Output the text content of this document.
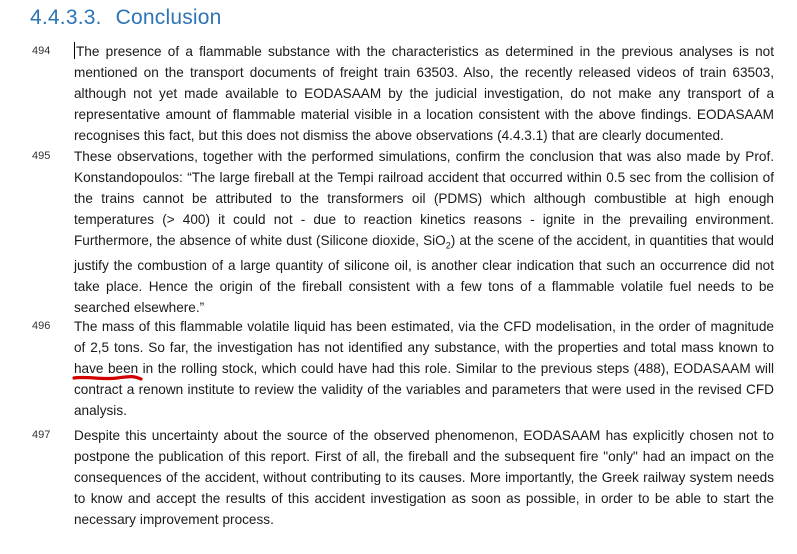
4.4.3.3. Conclusion
494 The presence of a flammable substance with the characteristics as determined in the previous analyses is not mentioned on the transport documents of freight train 63503. Also, the recently released videos of train 63503, although not yet made available to EODASAAM by the judicial investigation, do not make any transport of a representative amount of flammable material visible in a location consistent with the above findings. EODASAAM recognises this fact, but this does not dismiss the above observations (4.4.3.1) that are clearly documented.
495 These observations, together with the performed simulations, confirm the conclusion that was also made by Prof. Konstandopoulos: “The large fireball at the Tempi railroad accident that occurred within 0.5 sec from the collision of the trains cannot be attributed to the transformers oil (PDMS) which although combustible at high enough temperatures (> 400) it could not - due to reaction kinetics reasons - ignite in the prevailing environment. Furthermore, the absence of white dust (Silicone dioxide, SiO$_2$) at the scene of the accident, in quantities that would justify the combustion of a large quantity of silicone oil, is another clear indication that such an occurrence did not take place. Hence the origin of the fireball consistent with a few tons of a flammable volatile fuel needs to be searched elsewhere.”
496 The mass of this flammable volatile liquid has been estimated, via the CFD modelisation, in the order of magnitude of 2,5 tons. So far, the investigation has not identified any substance, with the properties and total mass known to have been in the rolling stock, which could have had this role. Similar to the previous steps (488), EODASAAM will contract a renown institute to review the validity of the variables and parameters that were used in the revised CFD analysis.
497 Despite this uncertainty about the source of the observed phenomenon, EODASAAM has explicitly chosen not to postpone the publication of this report. First of all, the fireball and the subsequent fire "only" had an impact on the consequences of the accident, without contributing to its causes. More importantly, the Greek railway system needs to know and accept the results of this accident investigation as soon as possible, in order to be able to start the necessary improvement process.
